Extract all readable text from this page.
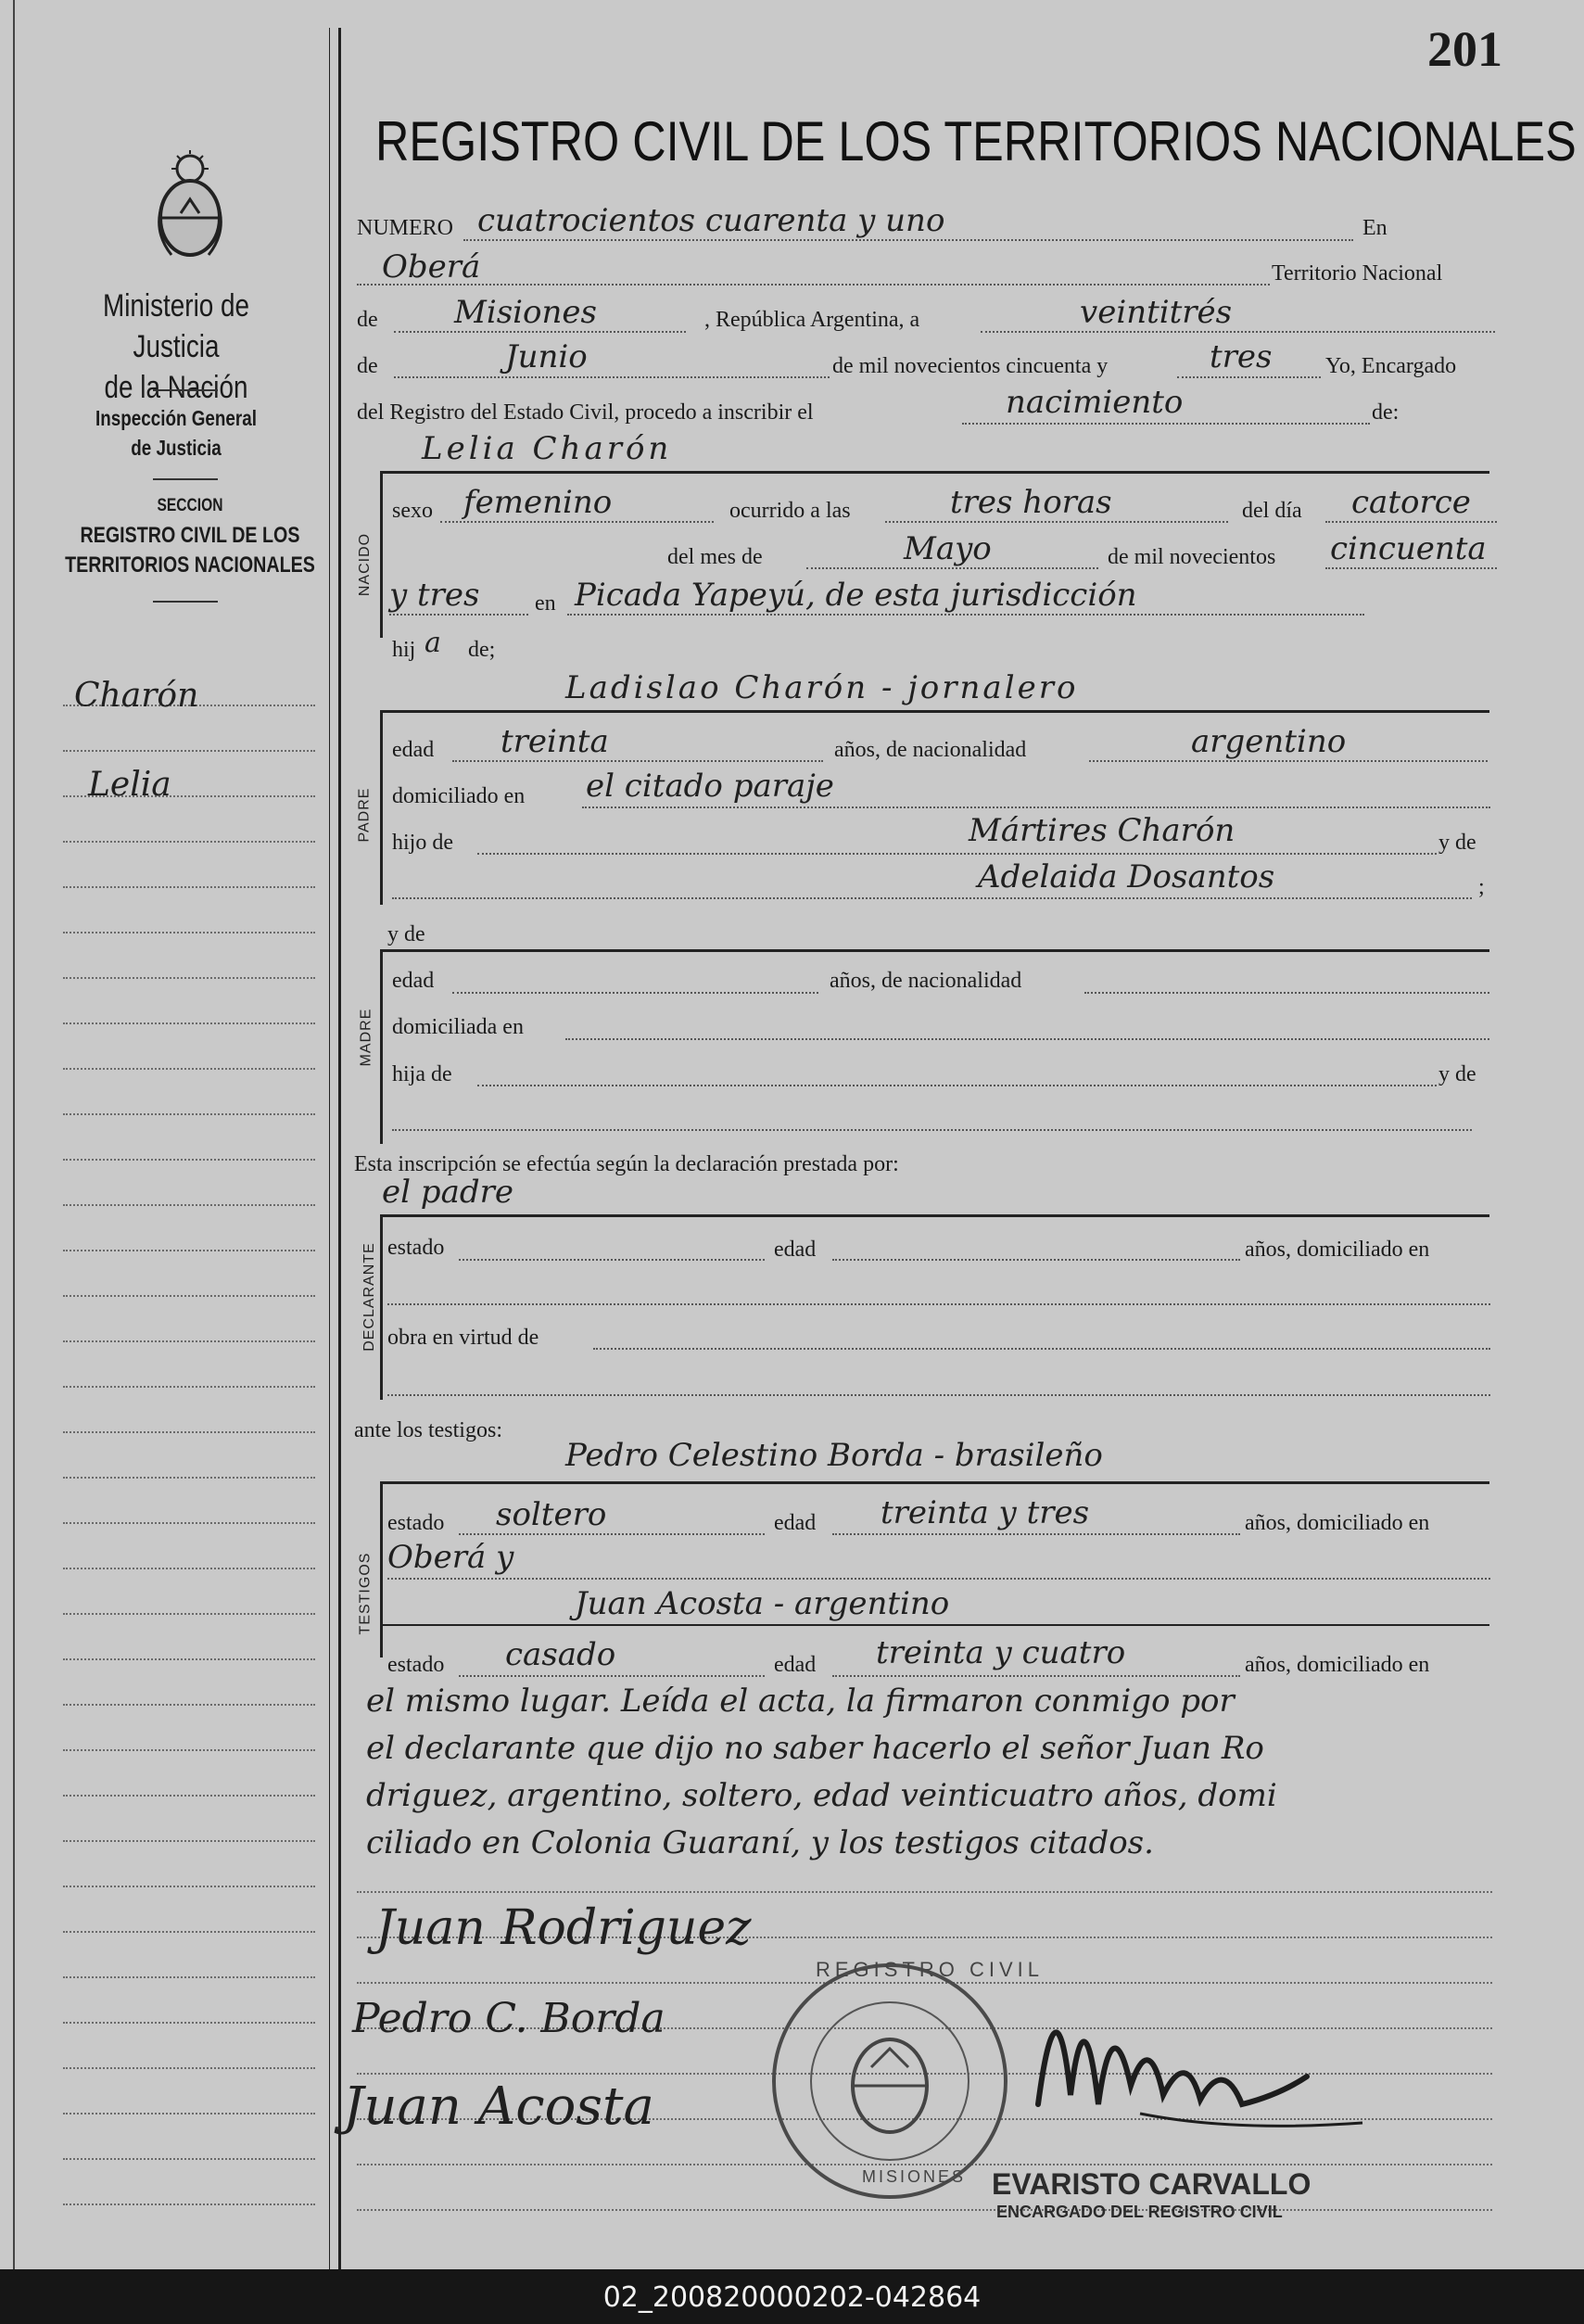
201
REGISTRO CIVIL DE LOS TERRITORIOS NACIONALES
Ministerio de Justicia
de la Nación
Inspección General
de Justicia
SECCION
REGISTRO CIVIL DE LOS
TERRITORIOS NACIONALES
Charón
Lelia
NUMERO cuatrocientos cuarenta y uno	En
Oberá	Territorio Nacional
de Misiones	, República Argentina, a	veintitrés
de	Junio	de mil novecientos cincuenta y	tres Yo, Encargado
del Registro del Estado Civil, procedo a inscribir el	nacimiento	de:
Lelia Charón
NACIDO
sexo femenino	ocurrido a las	tres horas	del día catorce
del mes de	Mayo	de mil novecientos cincuenta
y tres en Picada Yapeyú, de esta jurisdicción
hij a de;
Ladislao Charón - jornalero
PADRE
edad treinta	años, de nacionalidad	argentino
domiciliado en el citado paraje
hijo de	Mártires Charón	y de
Adelaida Dosantos	;
y de
MADRE
edad	años, de nacionalidad
domiciliada en
hija de	y de
Esta inscripción se efectúa según la declaración prestada por:
el padre
DECLARANTE estado	edad	años, domiciliado en
obra en virtud de
ante los testigos:
Pedro Celestino Borda - brasileño
TESTIGOS
estado soltero	edad treinta y tres	años, domiciliado en
Oberá y
Juan Acosta - argentino
estado casado	edad treinta y cuatro	años, domiciliado en
el mismo lugar. Leída el acta, la firmaron conmigo por
el declarante que dijo no saber hacerlo el señor Juan Ro
driguez, argentino, soltero, edad veinticuatro años, domi
ciliado en Colonia Guaraní, y los testigos citados.
Juan Rodriguez
Pedro C. Borda
Juan Acosta
REGISTRO CIVIL
MISIONES EVARISTO CARVALLO
ENCARGADO DEL REGISTRO CIVIL
02_200820000202-042864
